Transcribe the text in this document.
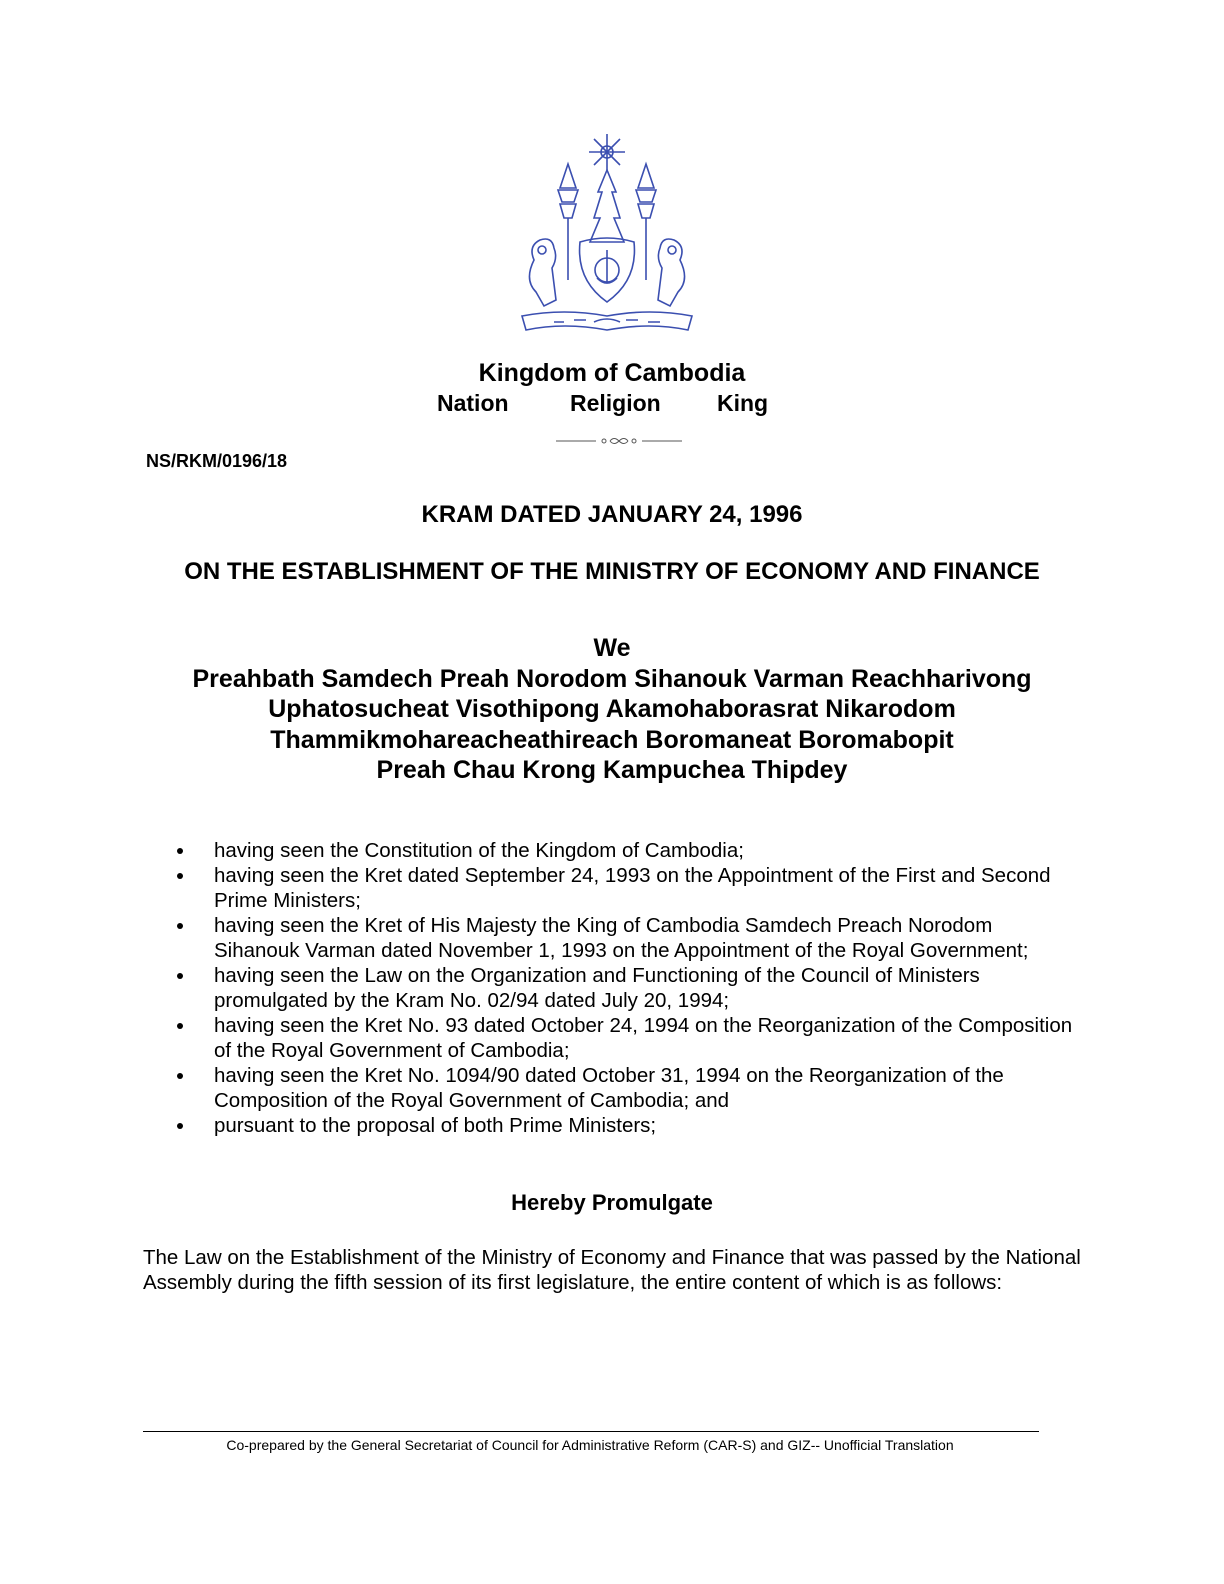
Kingdom of Cambodia
Nation	Religion King
NS/RKM/0196/18
KRAM DATED JANUARY 24, 1996
ON THE ESTABLISHMENT OF THE MINISTRY OF ECONOMY AND FINANCE
We
Preahbath Samdech Preah Norodom Sihanouk Varman Reachharivong
Uphatosucheat Visothipong Akamohaborasrat Nikarodom
Thammikmohareacheathireach Boromaneat Boromabopit
Preah Chau Krong Kampuchea Thipdey
having seen the Constitution of the Kingdom of Cambodia;
having seen the Kret dated September 24, 1993 on the Appointment of the First and Second Prime Ministers;
having seen the Kret of His Majesty the King of Cambodia Samdech Preach Norodom Sihanouk Varman dated November 1, 1993 on the Appointment of the Royal Government;
having seen the Law on the Organization and Functioning of the Council of Ministers promulgated by the Kram No. 02/94 dated July 20, 1994;
having seen the Kret No. 93 dated October 24, 1994 on the Reorganization of the Composition of the Royal Government of Cambodia;
having seen the Kret No. 1094/90 dated October 31, 1994 on the Reorganization of the Composition of the Royal Government of Cambodia; and
pursuant to the proposal of both Prime Ministers;
Hereby Promulgate
The Law on the Establishment of the Ministry of Economy and Finance that was passed by the National Assembly during the fifth session of its first legislature, the entire content of which is as follows:
Co-prepared by the General Secretariat of Council for Administrative Reform (CAR-S) and GIZ-- Unofficial Translation
